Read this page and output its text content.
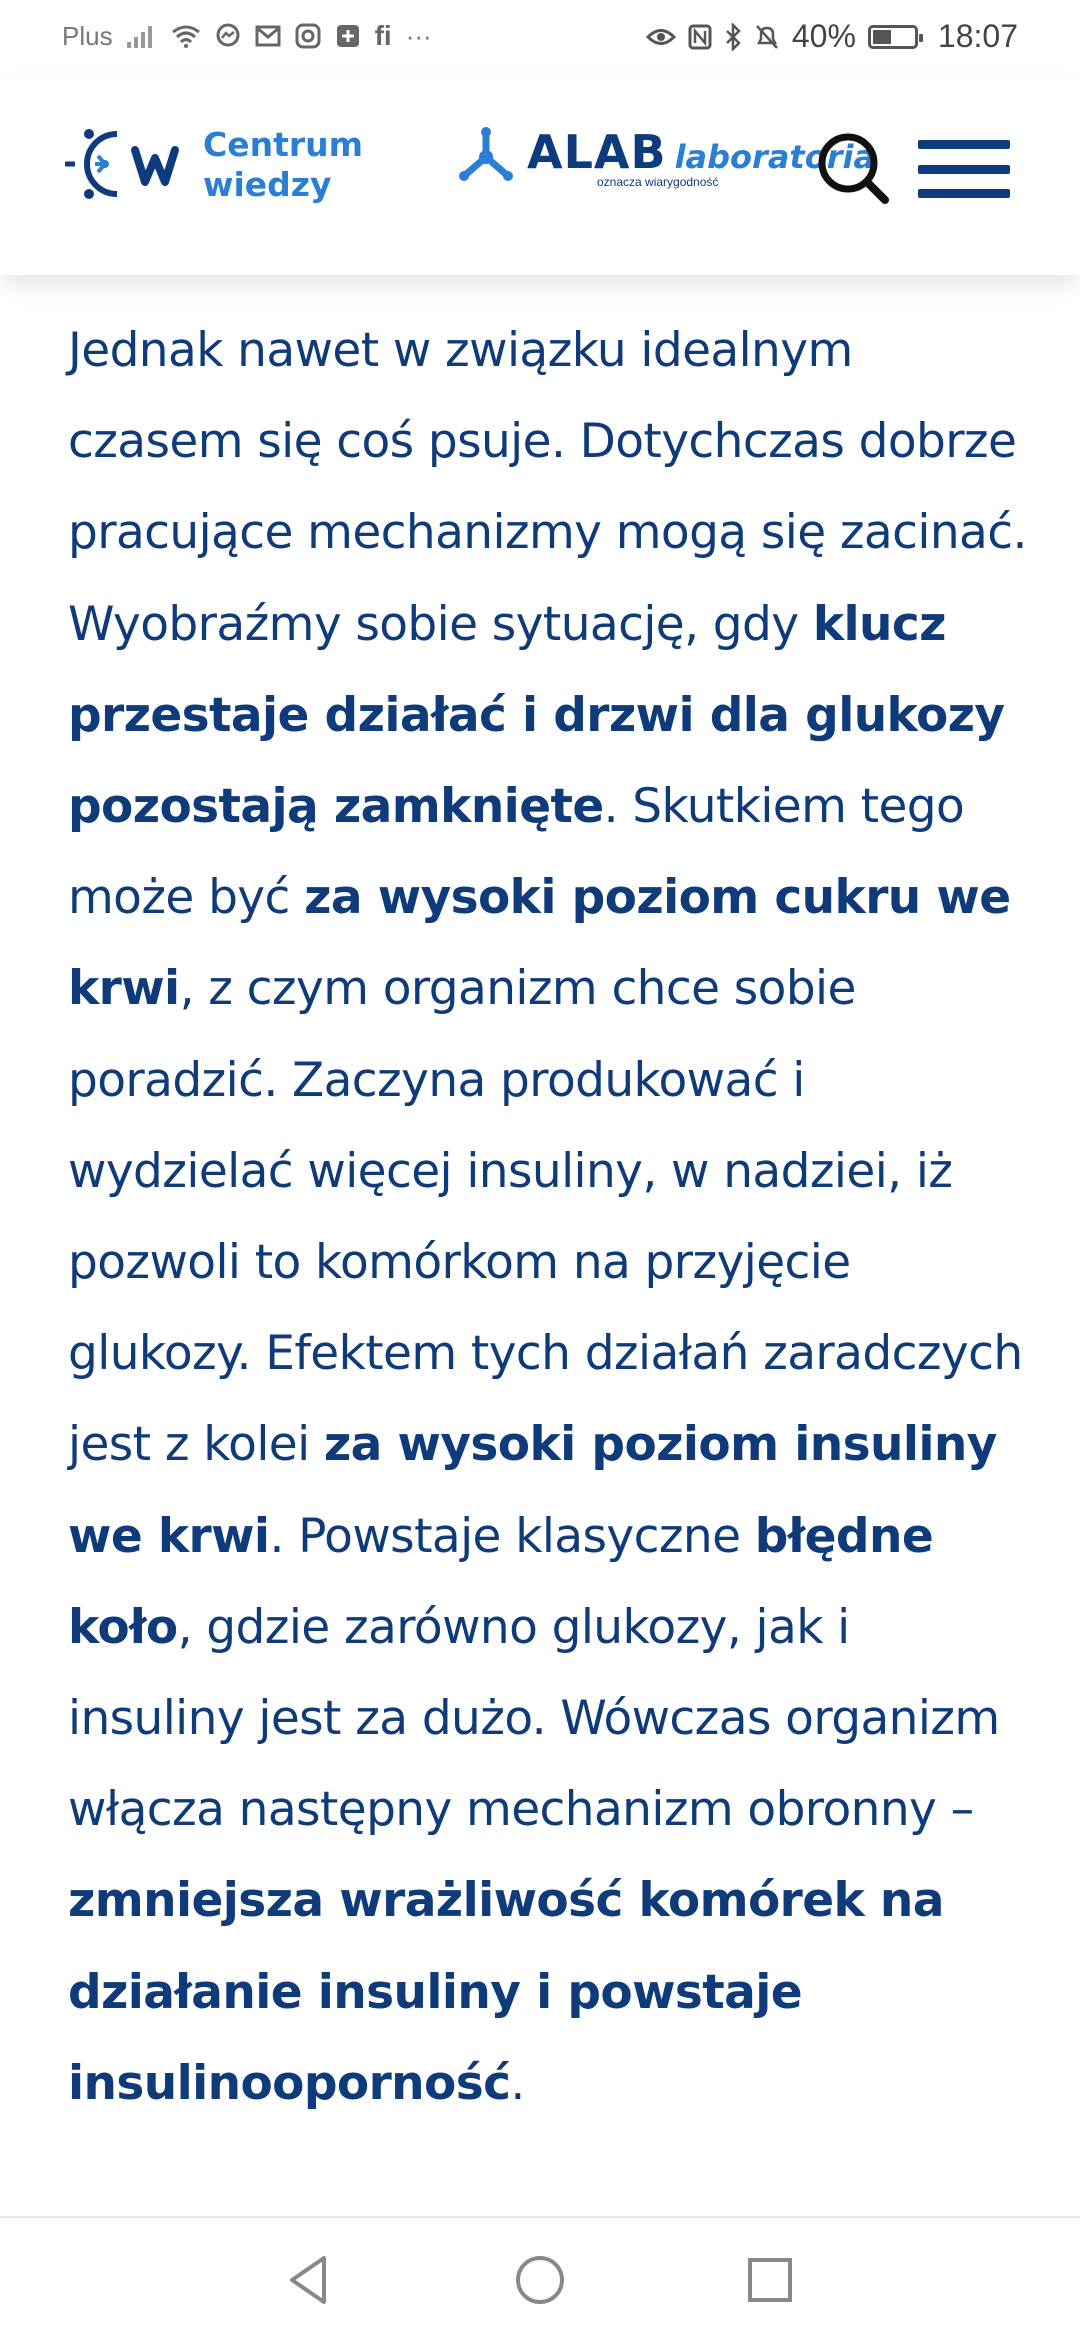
Plus	fi ···	40%	18:07
Centrum
wiedzy
ALAB laboratoria
oznacza wiarygodność

Jednak nawet w związku idealnym czasem się coś psuje. Dotychczas dobrze pracujące mechanizmy mogą się zacinać. Wyobraźmy sobie sytuację, gdy klucz przestaje działać i drzwi dla glukozy pozostają zamknięte. Skutkiem tego może być za wysoki poziom cukru we krwi, z czym organizm chce sobie poradzić. Zaczyna produkować i wydzielać więcej insuliny, w nadziei, iż pozwoli to komórkom na przyjęcie glukozy. Efektem tych działań zaradczych jest z kolei za wysoki poziom insuliny we krwi. Powstaje klasyczne błędne koło, gdzie zarówno glukozy, jak i insuliny jest za dużo. Wówczas organizm włącza następny mechanizm obronny – zmniejsza wrażliwość komórek na działanie insuliny i powstaje insulinooporność.
